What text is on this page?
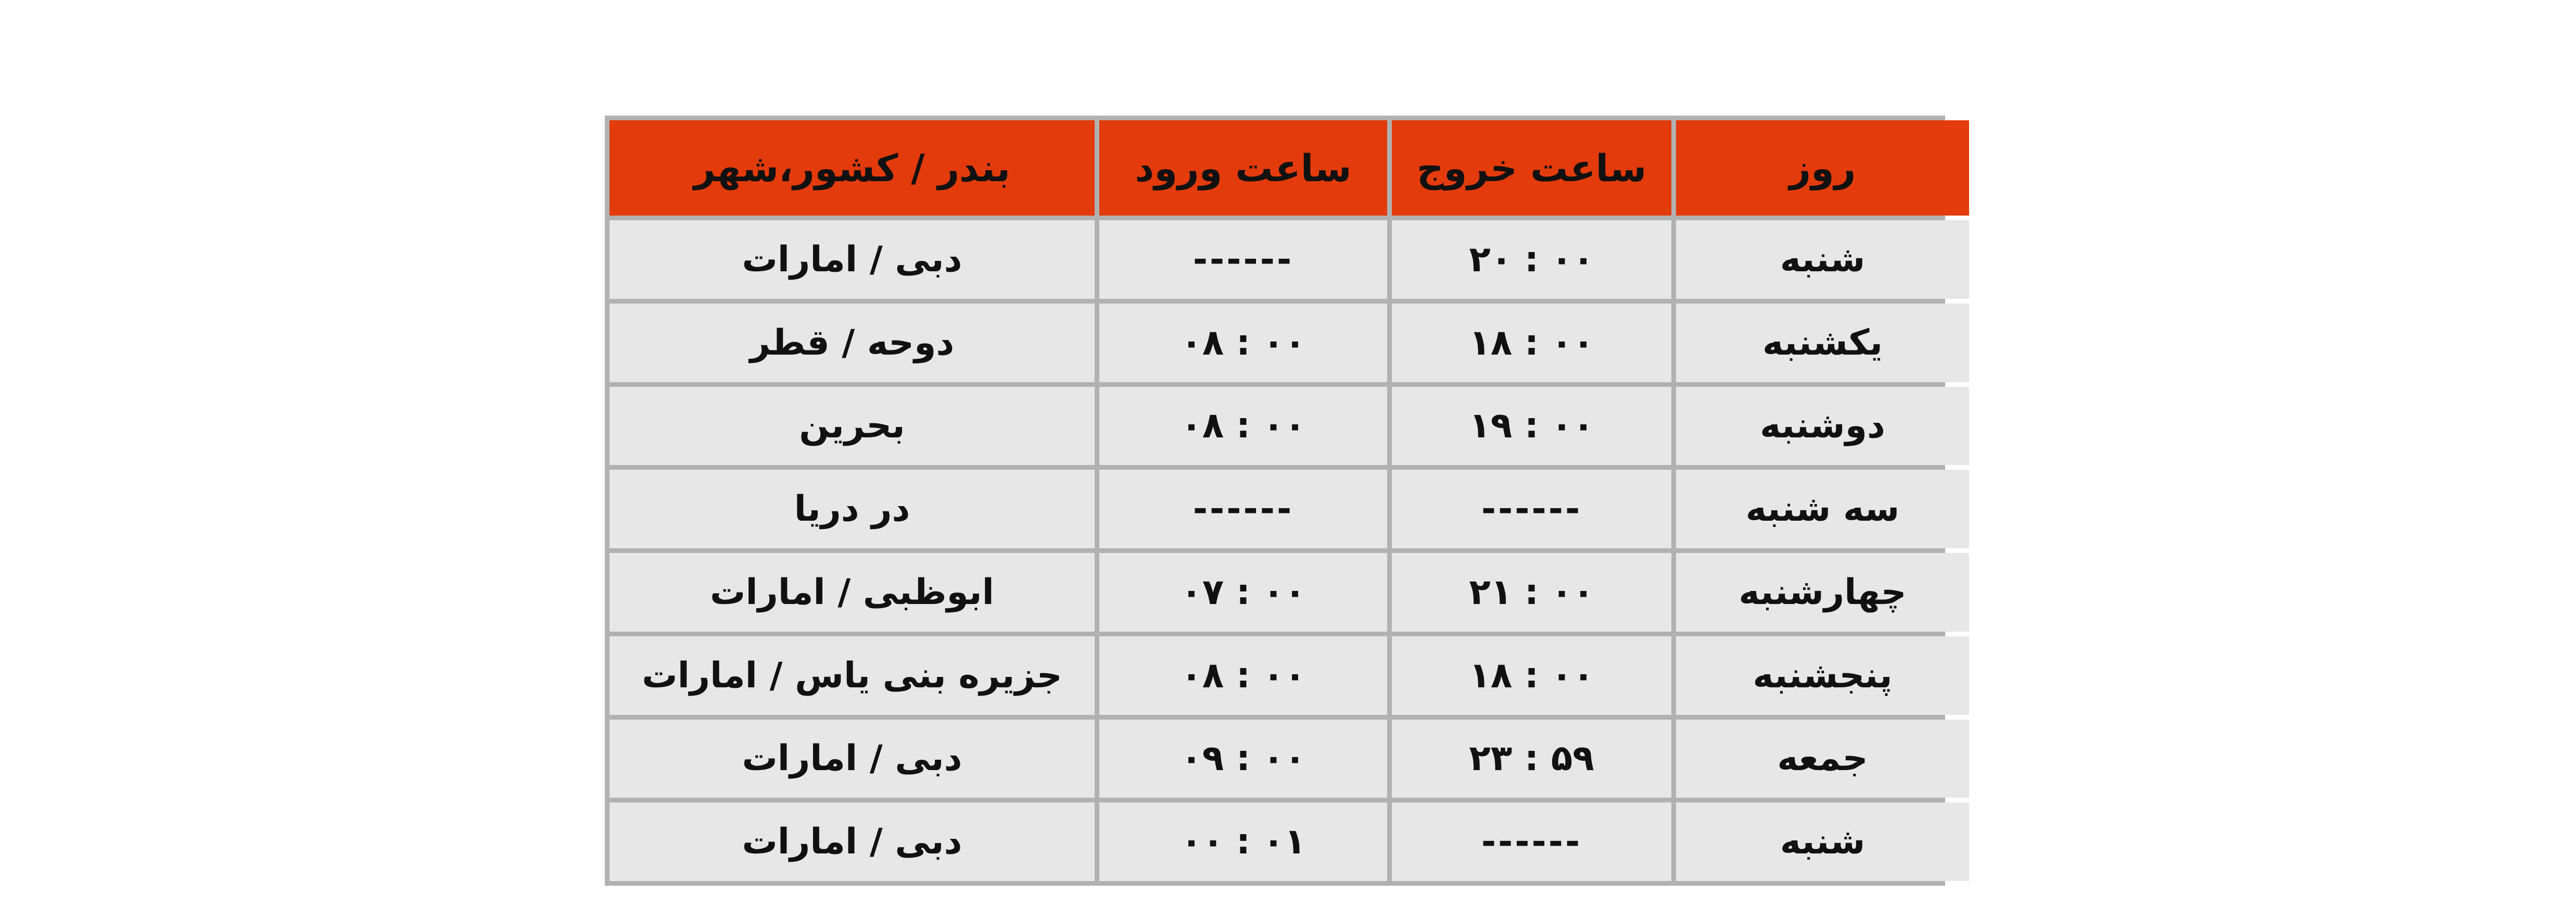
بندر / کشور،شهر	ساعت ورود	ساعت خروج	روز
دبی / امارات	------	۲۰ : ۰۰	شنبه
دوحه / قطر	۰۸ : ۰۰	۱۸ : ۰۰	یکشنبه
بحرین	۰۸ : ۰۰	۱۹ : ۰۰	دوشنبه
در دریا	------	------	سه شنبه
ابوظبی / امارات	۰۷ : ۰۰	۲۱ : ۰۰	چهارشنبه
جزیره بنی یاس / امارات	۰۸ : ۰۰	۱۸ : ۰۰	پنجشنبه
دبی / امارات	۰۹ : ۰۰	۲۳ : ۵۹	جمعه
دبی / امارات	۰۰ : ۰۱	------	شنبه
